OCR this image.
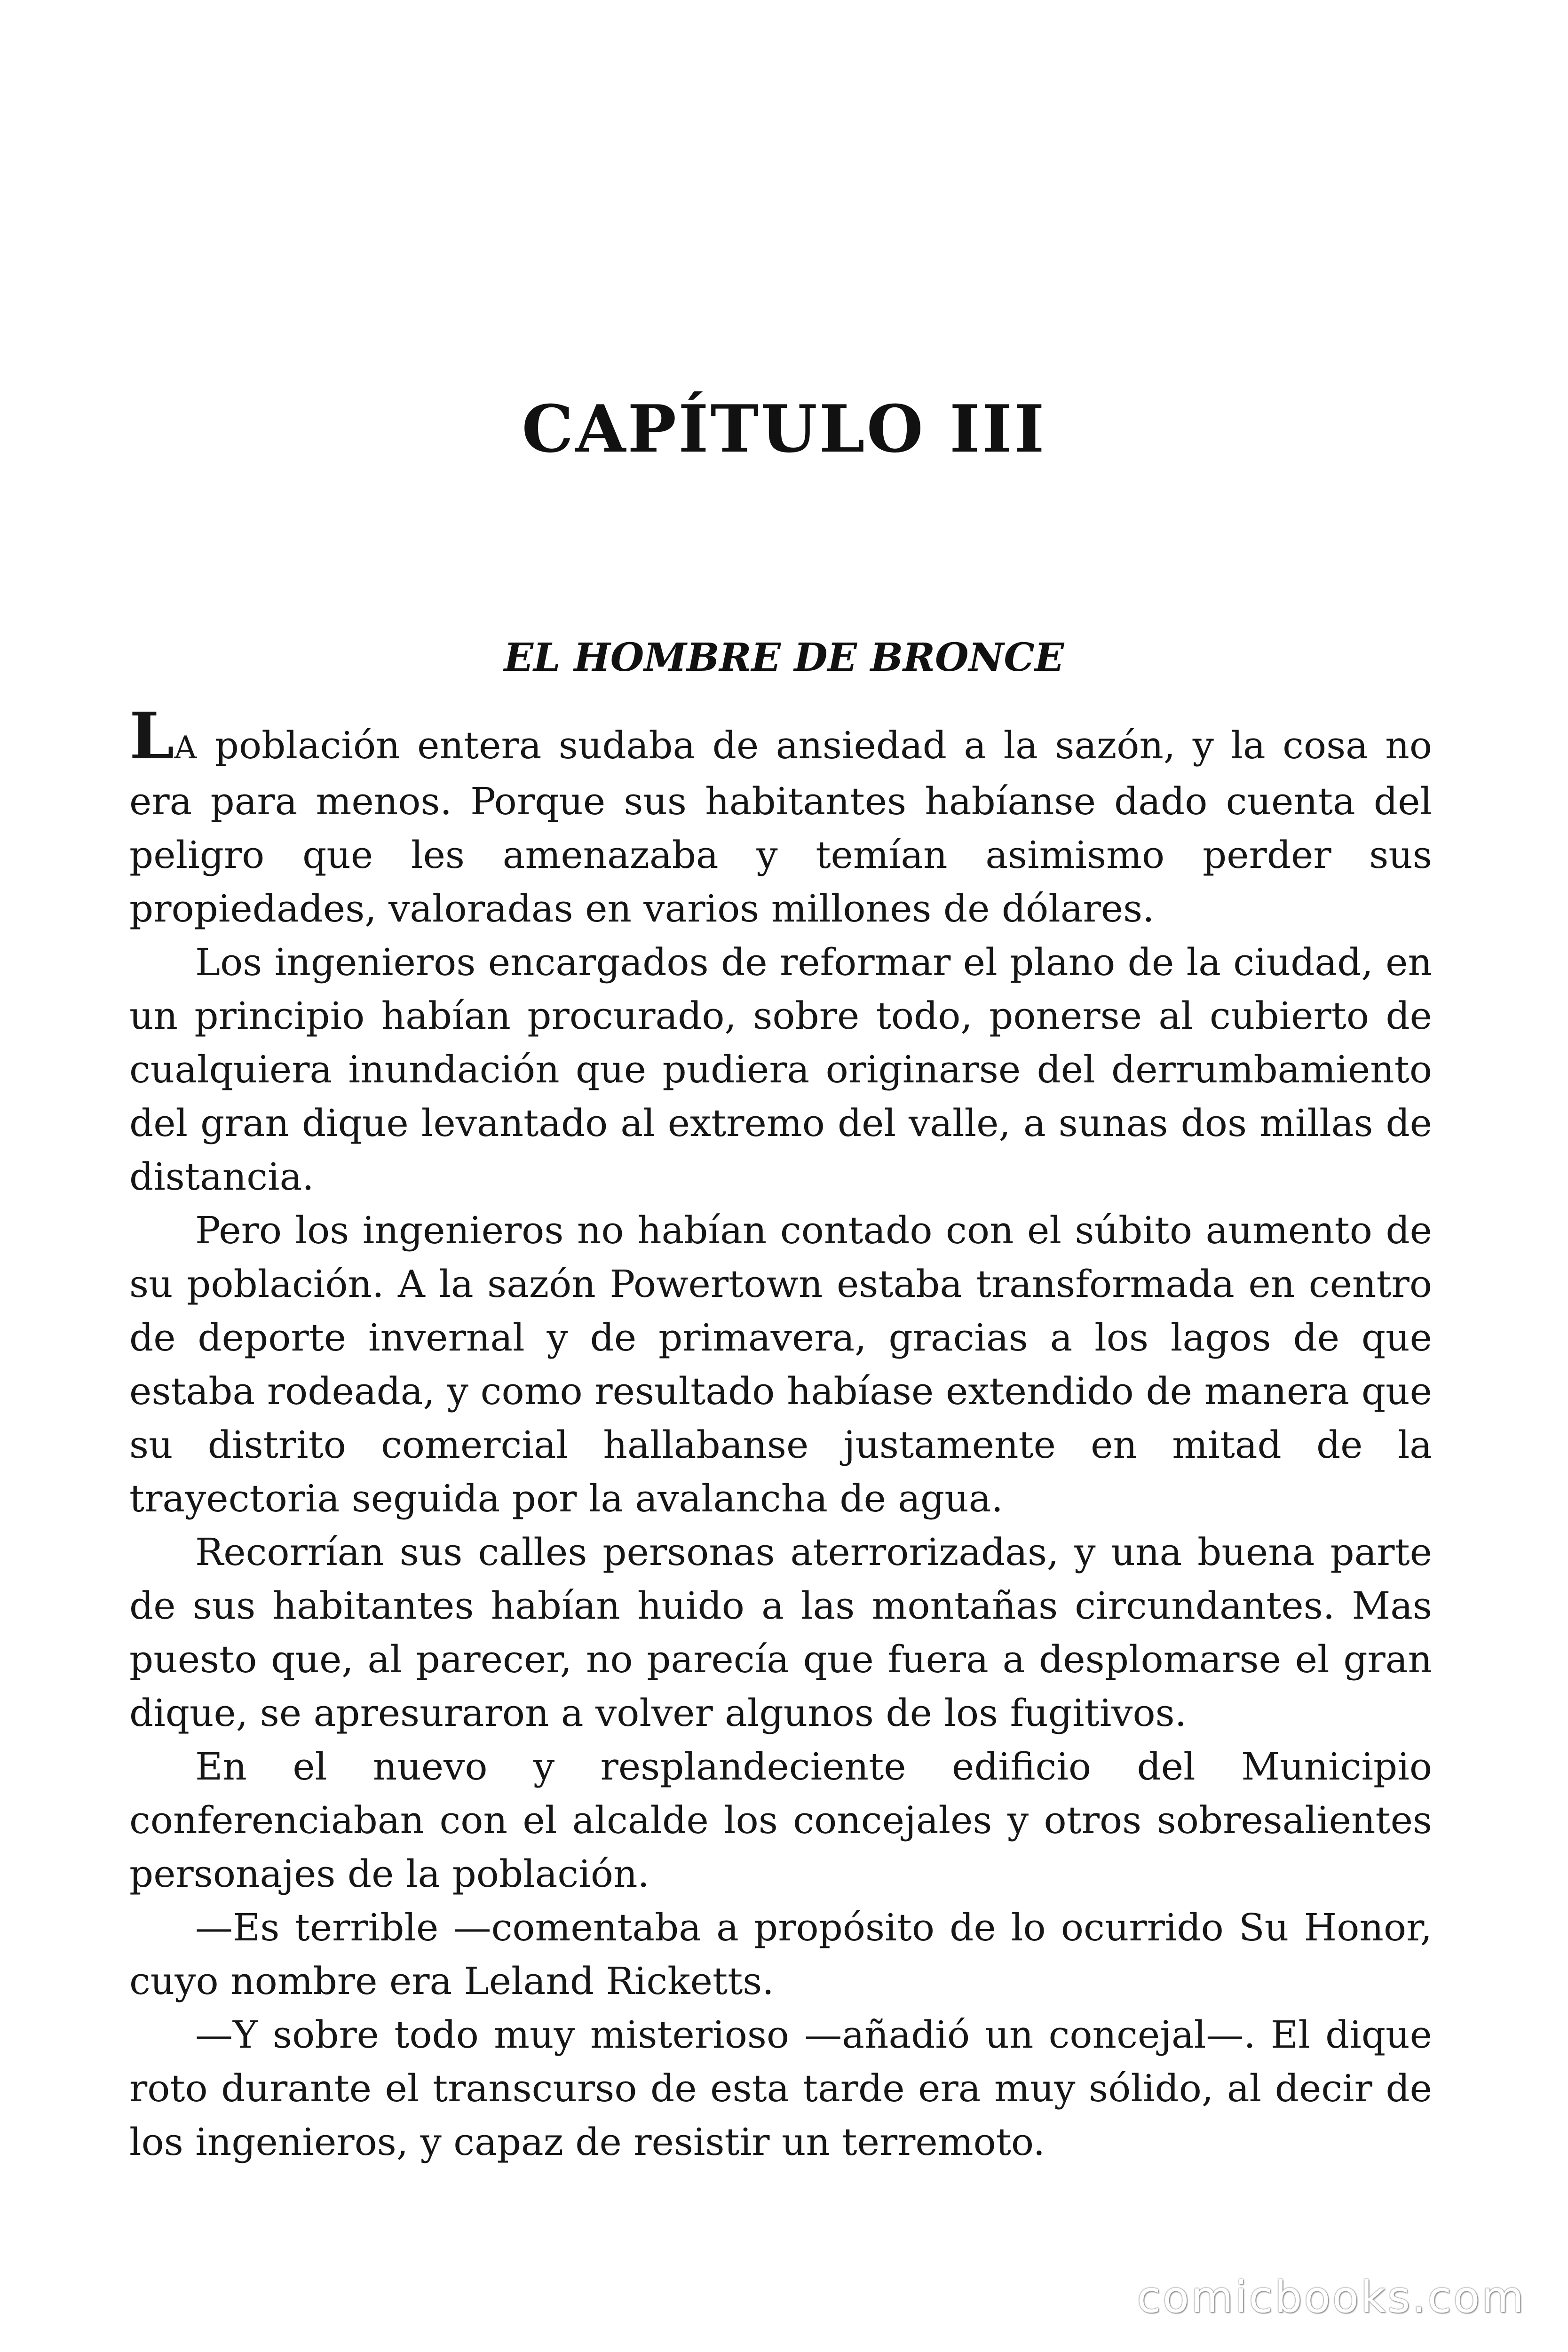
CAPÍTULO III
EL HOMBRE DE BRONCE

LA población entera sudaba de ansiedad a la sazón, y la cosa no era para menos. Porque sus habitantes habíanse dado cuenta del peligro que les amenazaba y temían asimismo perder sus propiedades, valoradas en varios millones de dólares.

Los ingenieros encargados de reformar el plano de la ciudad, en un principio habían procurado, sobre todo, ponerse al cubierto de cualquiera inundación que pudiera originarse del derrumbamiento del gran dique levantado al extremo del valle, a sunas dos millas de distancia.

Pero los ingenieros no habían contado con el súbito aumento de su población. A la sazón Powertown estaba transformada en centro de deporte invernal y de primavera, gracias a los lagos de que estaba rodeada, y como resultado habíase extendido de manera que su distrito comercial hallabanse justamente en mitad de la trayectoria seguida por la avalancha de agua.

Recorrían sus calles personas aterrorizadas, y una buena parte de sus habitantes habían huido a las montañas circundantes. Mas puesto que, al parecer, no parecía que fuera a desplomarse el gran dique, se apresuraron a volver algunos de los fugitivos.

En el nuevo y resplandeciente edificio del Municipio conferenciaban con el alcalde los concejales y otros sobresalientes personajes de la población.

—Es terrible —comentaba a propósito de lo ocurrido Su Honor, cuyo nombre era Leland Ricketts.

—Y sobre todo muy misterioso —añadió un concejal—. El dique roto durante el transcurso de esta tarde era muy sólido, al decir de los ingenieros, y capaz de resistir un terremoto.

comicbooks.com
